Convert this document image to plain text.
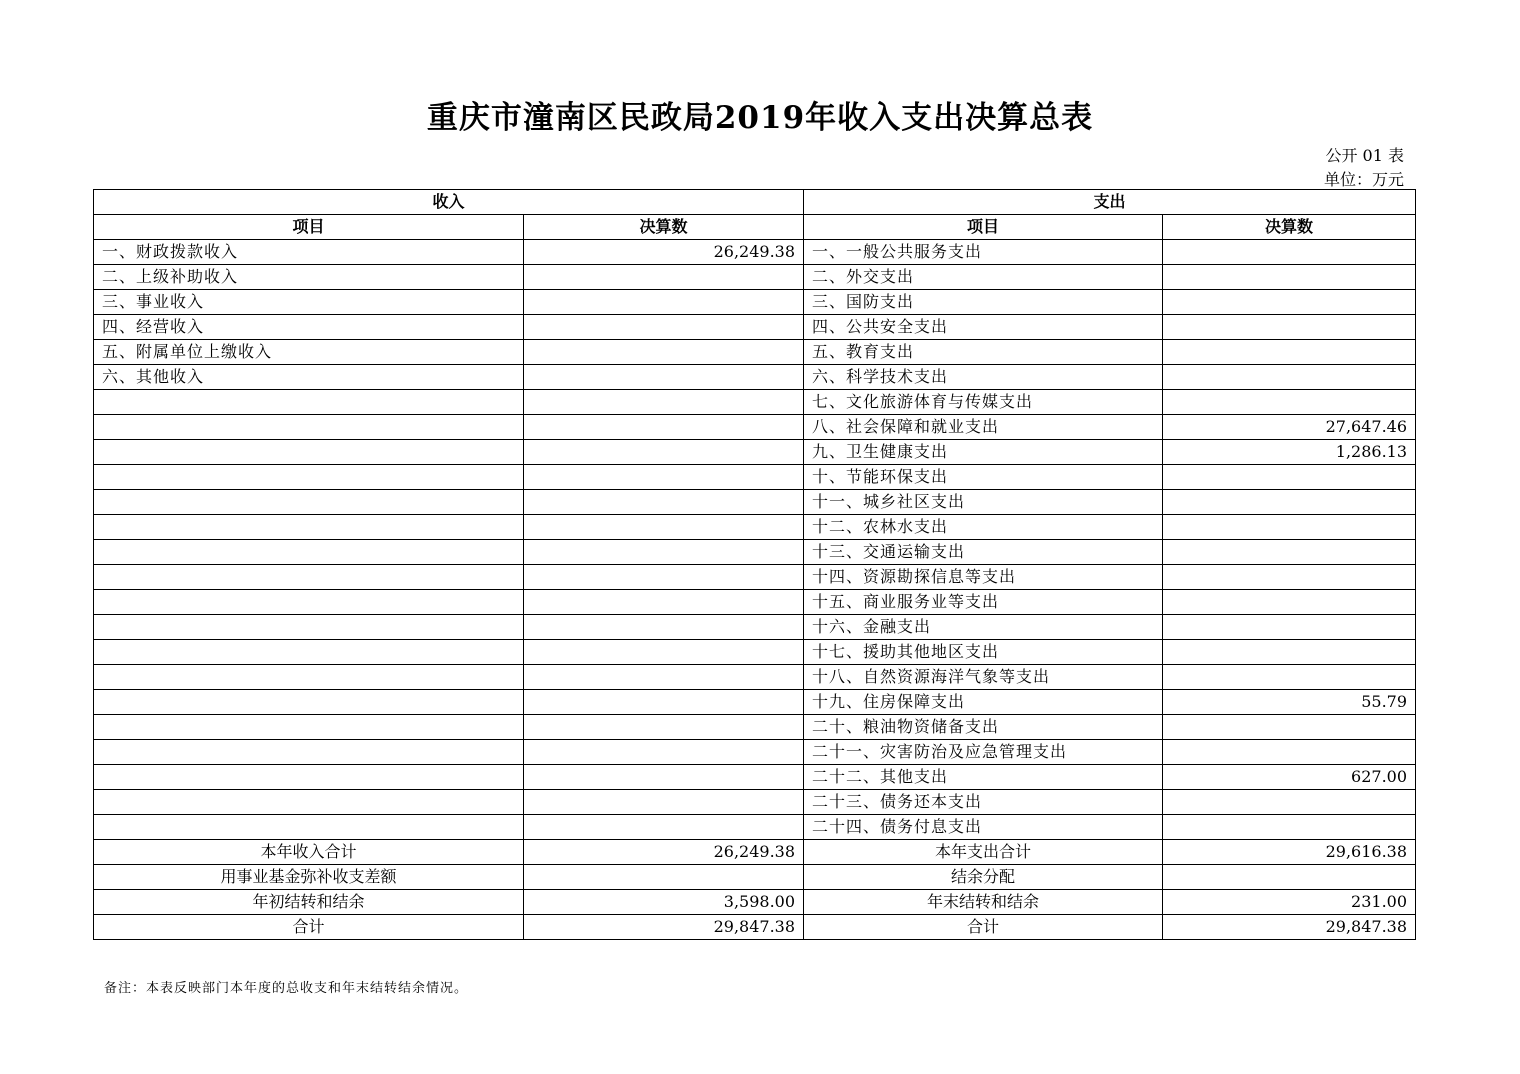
重庆市潼南区民政局2019年收入支出决算总表
公开 01 表
单位：万元
收入		支出	
项目	决算数	项目	决算数
一、财政拨款收入	26,249.38	一、一般公共服务支出	
二、上级补助收入		二、外交支出	
三、事业收入		三、国防支出	
四、经营收入		四、公共安全支出	
五、附属单位上缴收入		五、教育支出	
六、其他收入		六、科学技术支出	
		七、文化旅游体育与传媒支出	
		八、社会保障和就业支出	27,647.46
		九、卫生健康支出	1,286.13
		十、节能环保支出	
		十一、城乡社区支出	
		十二、农林水支出	
		十三、交通运输支出	
		十四、资源勘探信息等支出	
		十五、商业服务业等支出	
		十六、金融支出	
		十七、援助其他地区支出	
		十八、自然资源海洋气象等支出	
		十九、住房保障支出	55.79
		二十、粮油物资储备支出	
		二十一、灾害防治及应急管理支出	
		二十二、其他支出	627.00
		二十三、债务还本支出	
		二十四、债务付息支出	
本年收入合计	26,249.38	本年支出合计	29,616.38
用事业基金弥补收支差额		结余分配	
年初结转和结余	3,598.00	年末结转和结余	231.00
合计	29,847.38	合计	29,847.38
备注：本表反映部门本年度的总收支和年末结转结余情况。
